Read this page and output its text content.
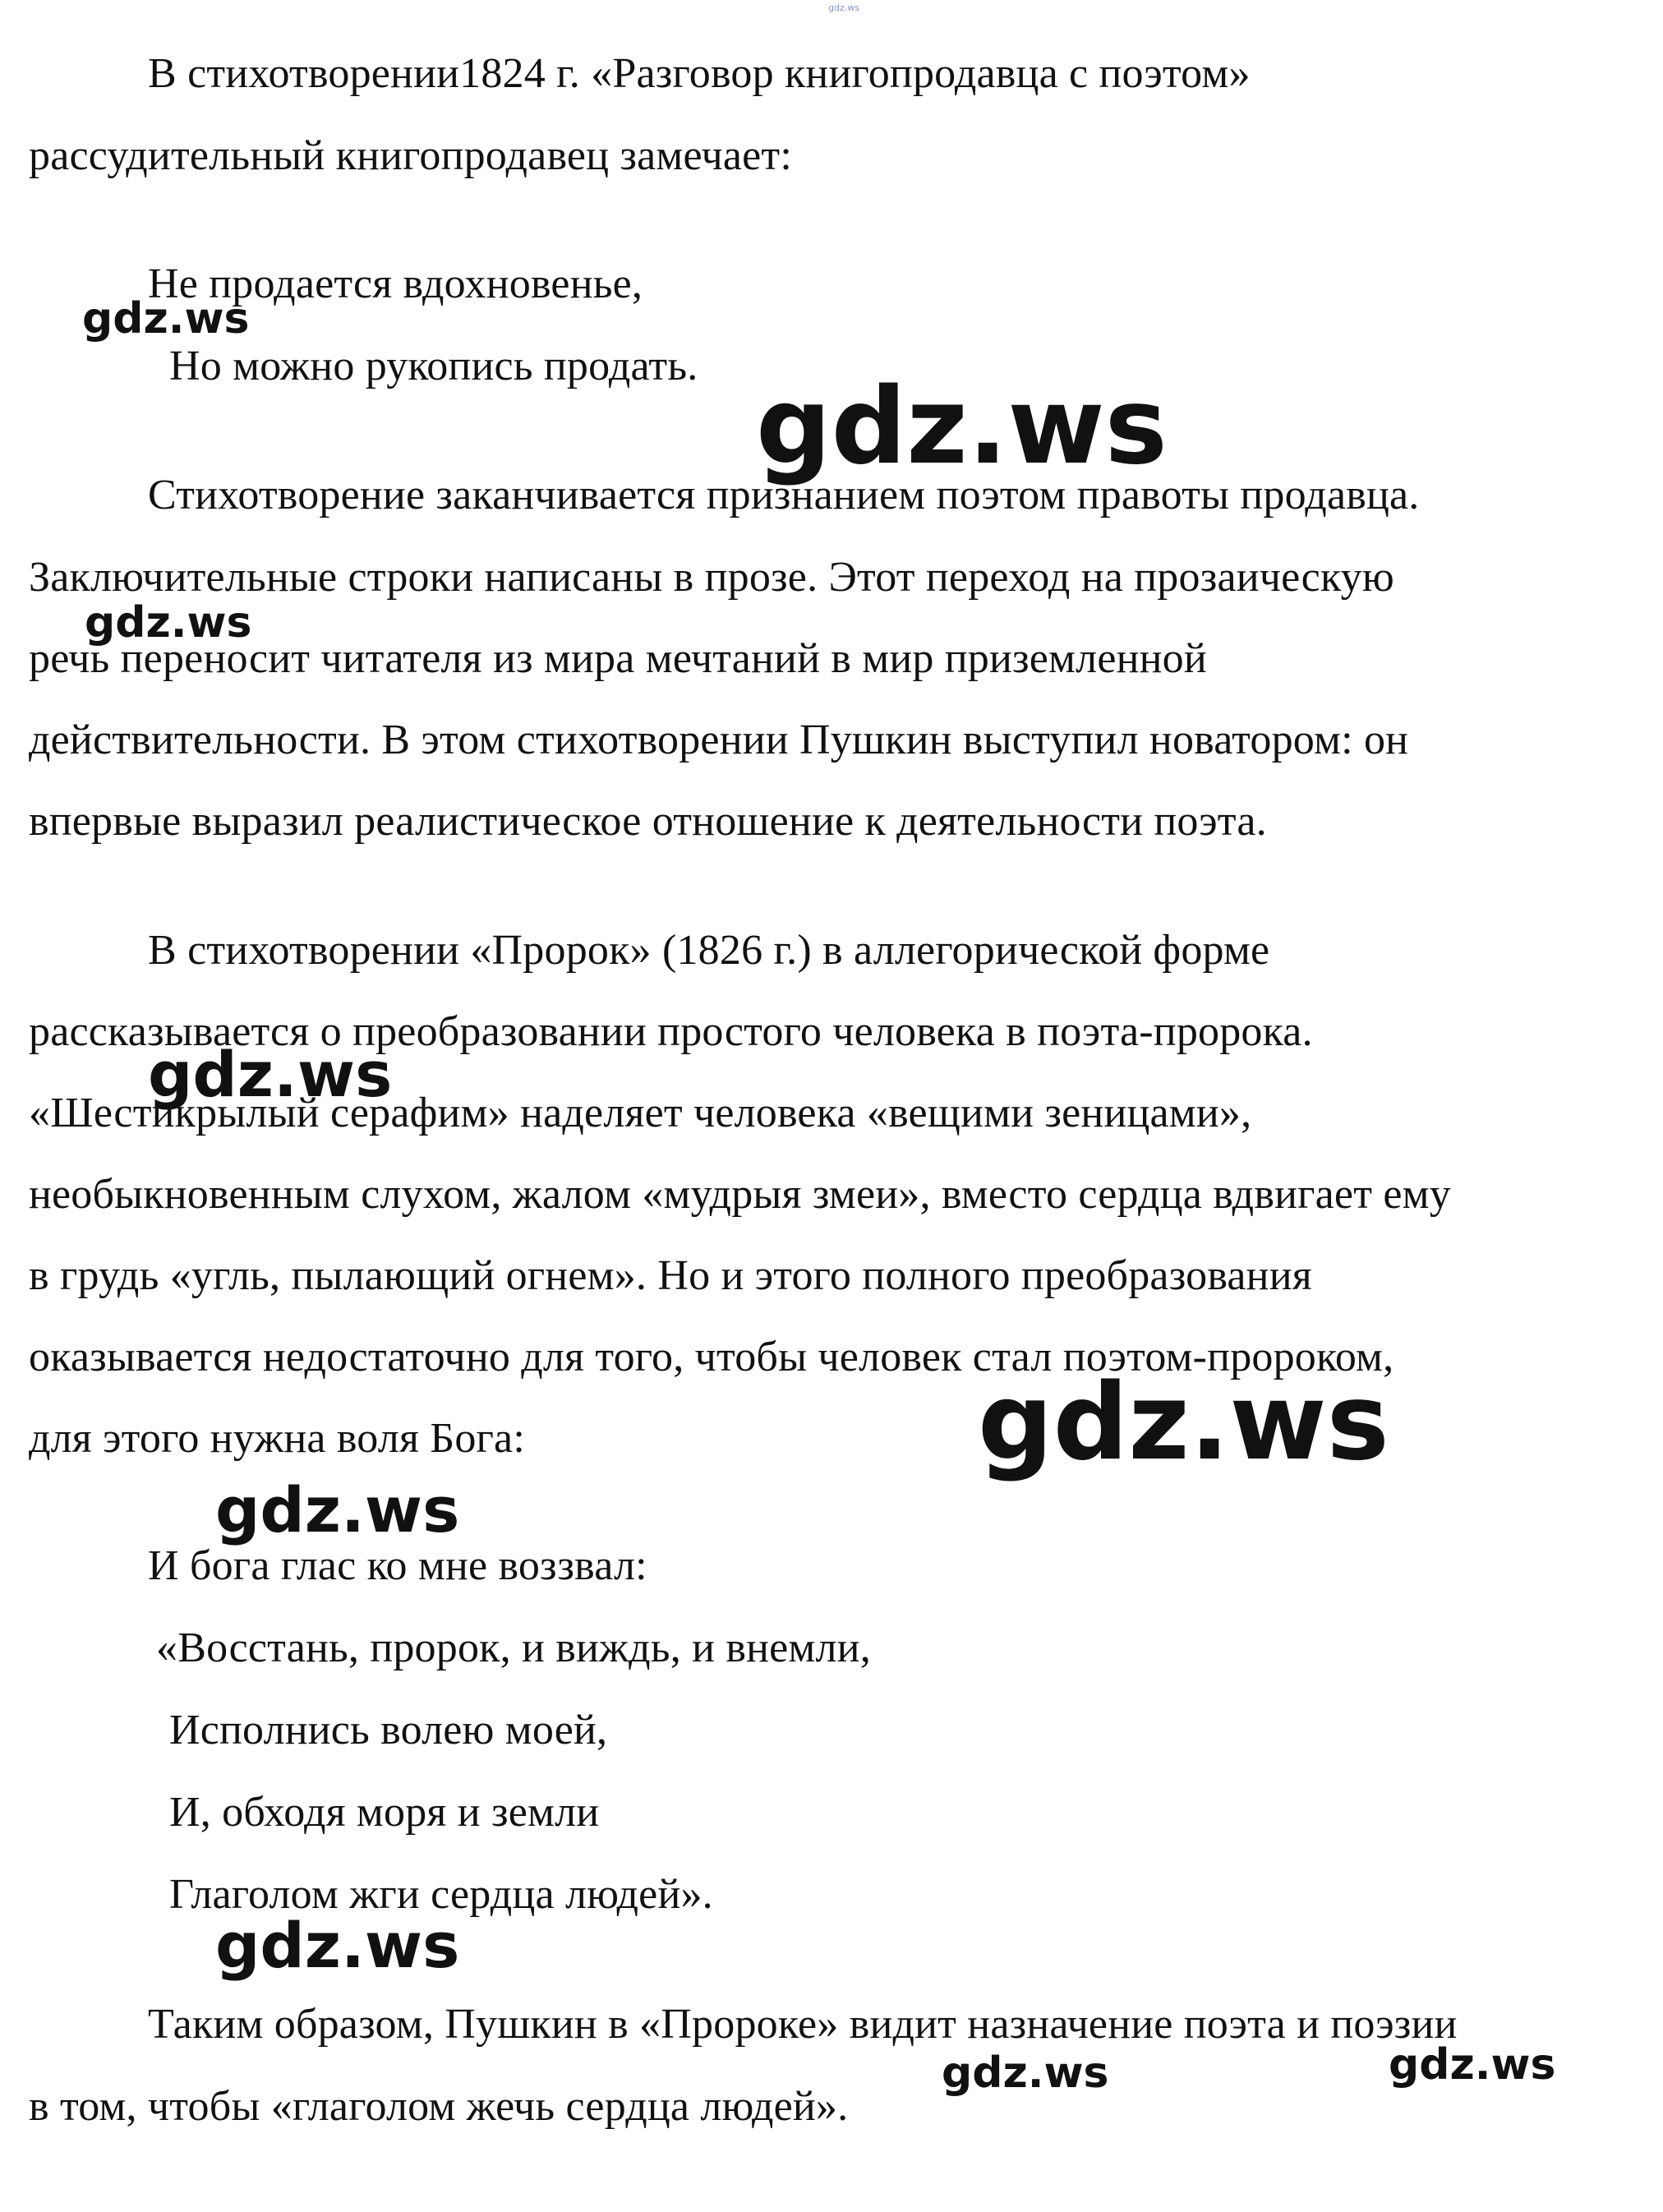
gdz.ws
В стихотворении1824 г. «Разговор книгопродавца с поэтом»
рассудительный книгопродавец замечает:
Не продается вдохновенье,
Но можно рукопись продать.
Стихотворение заканчивается признанием поэтом правоты продавца.
Заключительные строки написаны в прозе. Этот переход на прозаическую
речь переносит читателя из мира мечтаний в мир приземленной
действительности. В этом стихотворении Пушкин выступил новатором: он
впервые выразил реалистическое отношение к деятельности поэта.
В стихотворении «Пророк» (1826 г.) в аллегорической форме
рассказывается о преобразовании простого человека в поэта-пророка.
«Шестикрылый серафим» наделяет человека «вещими зеницами»,
необыкновенным слухом, жалом «мудрыя змеи», вместо сердца вдвигает ему
в грудь «угль, пылающий огнем». Но и этого полного преобразования
оказывается недостаточно для того, чтобы человек стал поэтом-пророком,
для этого нужна воля Бога:
И бога глас ко мне воззвал:
«Восстань, пророк, и виждь, и внемли,
Исполнись волею моей,
И, обходя моря и земли
Глаголом жги сердца людей».
Таким образом, Пушкин в «Пророке» видит назначение поэта и поэзии
в том, чтобы «глаголом жечь сердца людей».
gdz.ws
gdz.ws
gdz.ws
gdz.ws
gdz.ws
gdz.ws
gdz.ws
gdz.ws	gdz.ws
